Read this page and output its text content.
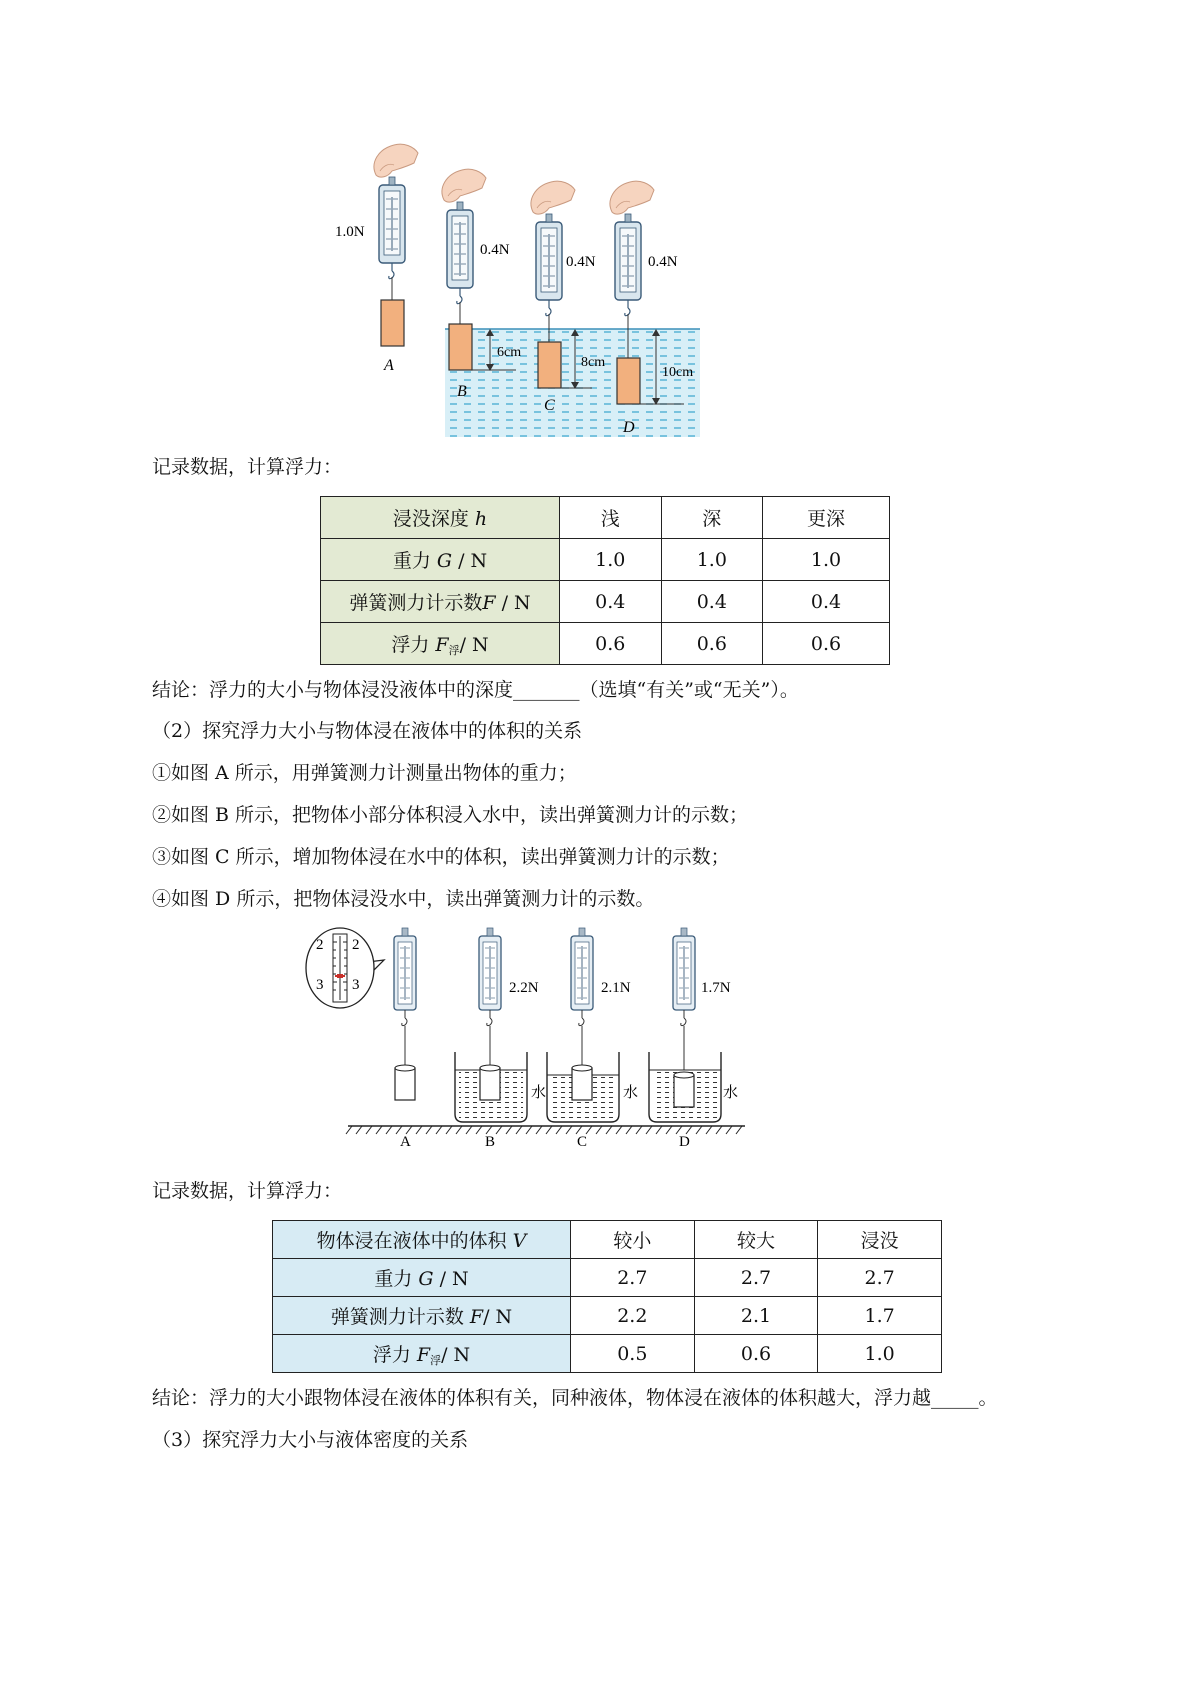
1.0N
A
0.4N
B
6cm
0.4N
C
8cm
0.4N
D
10cm
记录数据，计算浮力：
浸没深度 h	浅	深	更深
重力 G / N	1.0	1.0	1.0
弹簧测力计示数F / N	0.4	0.4	0.4
浮力 $F_浮/$ N	0.6	0.6	0.6
结论：浮力的大小与物体浸没液体中的深度_______（选填“有关”或“无关”）。
（2）探究浮力大小与物体浸在液体中的体积的关系
①如图 A 所示，用弹簧测力计测量出物体的重力；
②如图 B 所示，把物体小部分体积浸入水中，读出弹簧测力计的示数；
③如图 C 所示，增加物体浸在水中的体积，读出弹簧测力计的示数；
④如图 D 所示，把物体浸没水中，读出弹簧测力计的示数。
2 2
3 3
A
2.2N
水
B
2.1N
水
C
1.7N
水
D
记录数据，计算浮力：
物体浸在液体中的体积 V	较小	较大	浸没
重力 G / N	2.7	2.7	2.7
弹簧测力计示数 F/ N	2.2	2.1	1.7
浮力 $F_浮/$ N	0.5	0.6	1.0
结论：浮力的大小跟物体浸在液体的体积有关，同种液体，物体浸在液体的体积越大，浮力越_____。
（3）探究浮力大小与液体密度的关系
